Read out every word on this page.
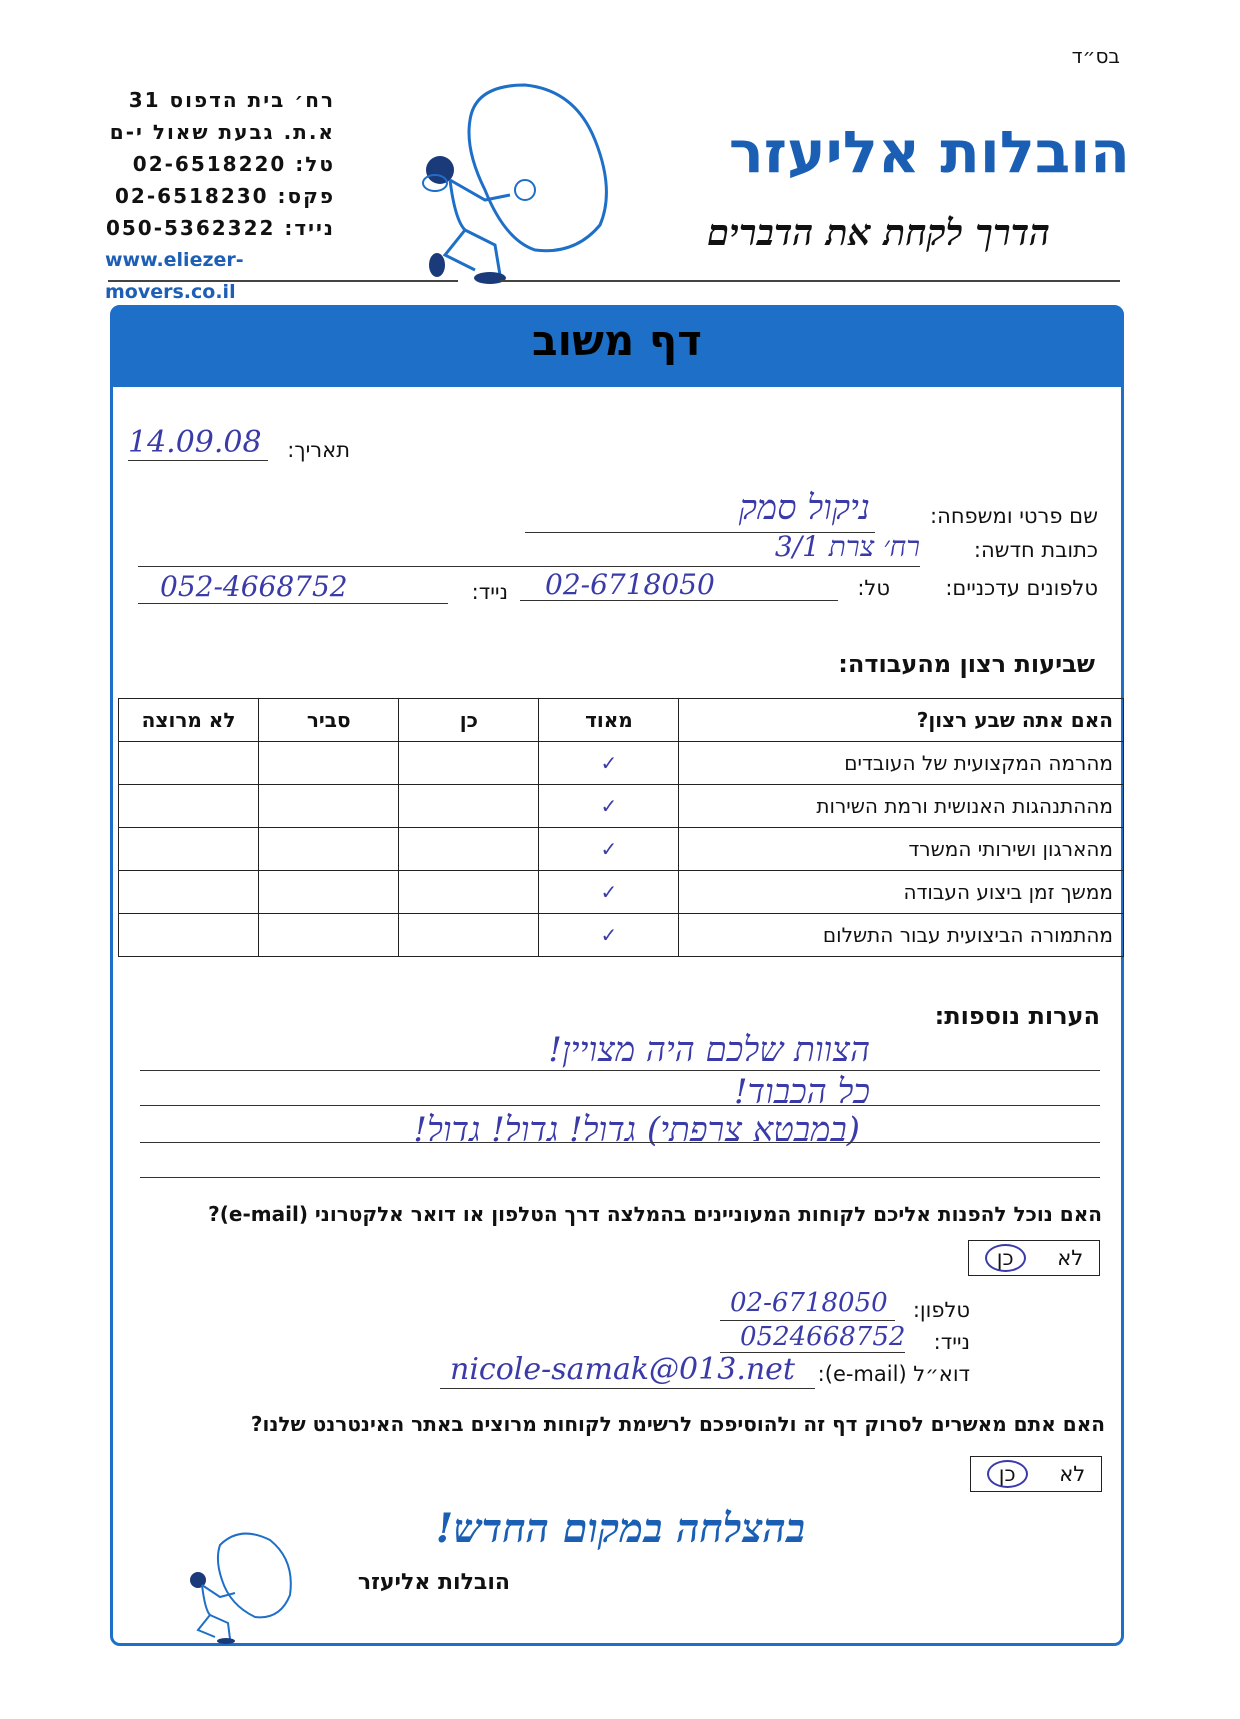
בס״ד
רח׳ בית הדפוס 31
א.ת. גבעת שאול י-ם
טל: 02-6518220
פקס: 02-6518230
נייד: 050-5362322
www.eliezer-movers.co.il
הובלות אליעזר
הדרך לקחת את הדברים
דף משוב
תאריך:
14.09.08
שם פרטי ומשפחה:
ניקול סמק
כתובת חדשה:
רח׳ צרת 3/1
טלפונים עדכניים:
טל:
02-6718050
נייד:
052-4668752
שביעות רצון מהעבודה:
האם אתה שבע רצון?	מאוד	כן	סביר	לא מרוצה
מהרמה המקצועית של העובדים	✓			
מההתנהגות האנושית ורמת השירות	✓			
מהארגון ושירותי המשרד	✓			
ממשך זמן ביצוע העבודה	✓			
מהתמורה הביצועית עבור התשלום	✓			
הערות נוספות:
הצוות שלכם היה מצויין!
כל הכבוד!
(במבטא צרפתי) גדול! גדול! גדול!
האם נוכל להפנות אליכם לקוחות המעוניינים בהמלצה דרך הטלפון או דואר אלקטרוני (e-mail)?
לא
כן
טלפון:
02-6718050
נייד:
0524668752
דוא״ל (e-mail):
nicole-samak@013.net
האם אתם מאשרים לסרוק דף זה ולהוסיפכם לרשימת לקוחות מרוצים באתר האינטרנט שלנו?
לא
כן
בהצלחה במקום החדש!
הובלות אליעזר
